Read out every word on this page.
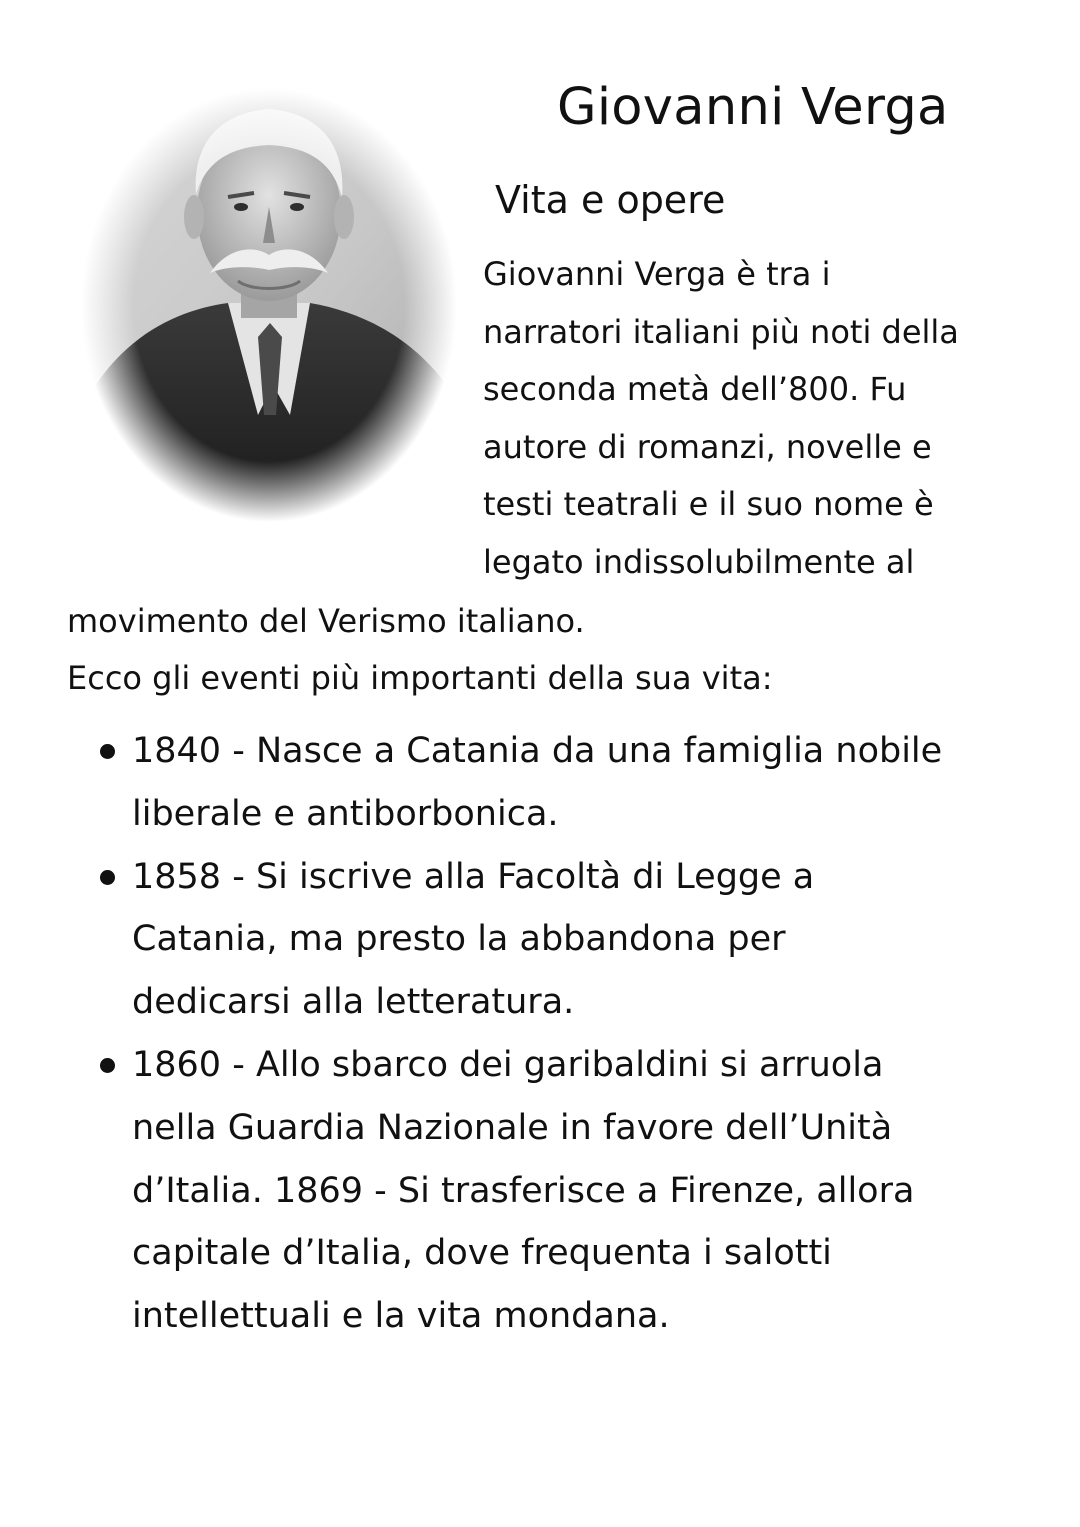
Giovanni Verga
Vita e opere

Giovanni Verga è tra i
narratori italiani più noti della
seconda metà dell’800. Fu
autore di romanzi, novelle e
testi teatrali e il suo nome è
legato indissolubilmente al

movimento del Verismo italiano.

Ecco gli eventi più importanti della sua vita:
1840 - Nasce a Catania da una famiglia nobile
liberale e antiborbonica.
1858 - Si iscrive alla Facoltà di Legge a
Catania, ma presto la abbandona per
dedicarsi alla letteratura.
1860 - Allo sbarco dei garibaldini si arruola
nella Guardia Nazionale in favore dell’Unità
d’Italia. 1869 - Si trasferisce a Firenze, allora
capitale d’Italia, dove frequenta i salotti
intellettuali e la vita mondana.
